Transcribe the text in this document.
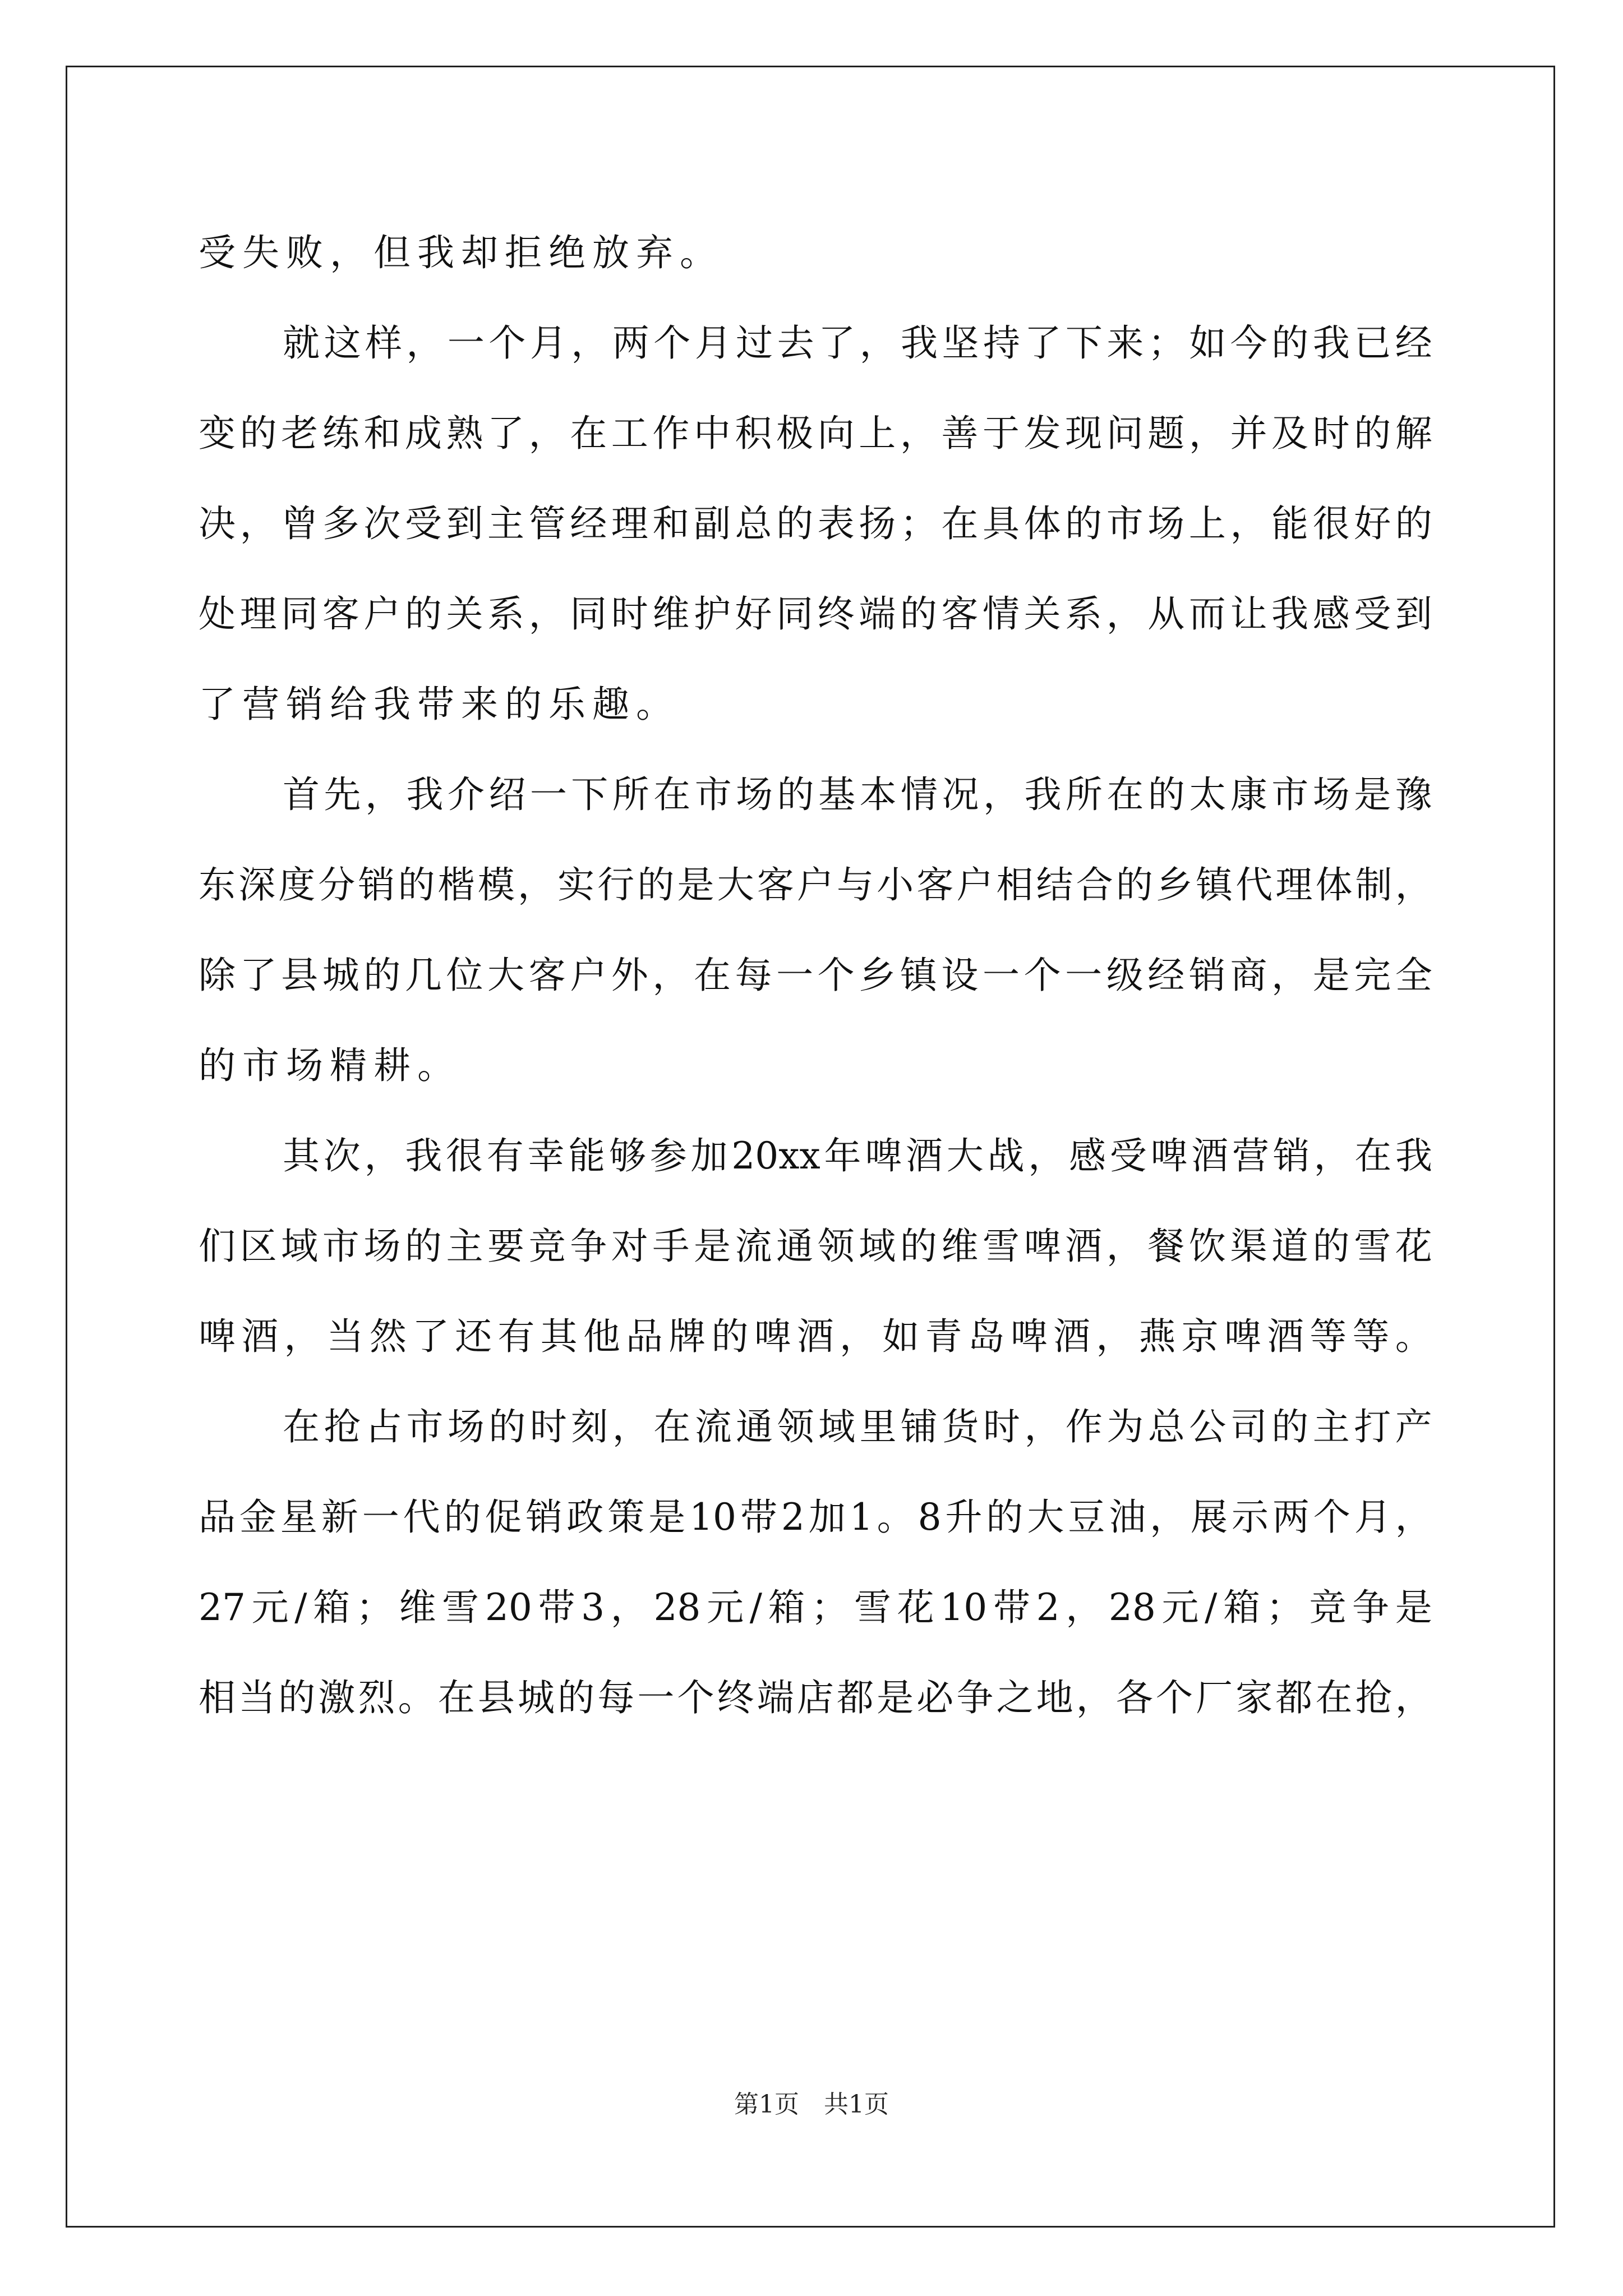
受失败，但我却拒绝放弃。
就 这 样 ， 一 个 月 ， 两 个 月 过 去 了 ， 我 坚 持 了 下 来 ； 如 今 的 我 已 经
变 的 老 练 和 成 熟 了 ， 在 工 作 中 积 极 向 上 ， 善 于 发 现 问 题 ， 并 及 时 的 解
决 ， 曾 多 次 受 到 主 管 经 理 和 副 总 的 表 扬 ； 在 具 体 的 市 场 上 ， 能 很 好 的
处 理 同 客 户 的 关 系 ， 同 时 维 护 好 同 终 端 的 客 情 关 系 ， 从 而 让 我 感 受 到
了营销给我带来的乐趣。
首 先 ， 我 介 绍 一 下 所 在 市 场 的 基 本 情 况 ， 我 所 在 的 太 康 市 场 是 豫
东 深 度 分 销 的 楷 模 ， 实 行 的 是 大 客 户 与 小 客 户 相 结 合 的 乡 镇 代 理 体 制 ，
除 了 县 城 的 几 位 大 客 户 外 ， 在 每 一 个 乡 镇 设 一 个 一 级 经 销 商 ， 是 完 全
的市场精耕。
其 次 ， 我 很 有 幸 能 够 参 加 20xx 年 啤 酒 大 战 ， 感 受 啤 酒 营 销 ， 在 我
们 区 域 市 场 的 主 要 竞 争 对 手 是 流 通 领 域 的 维 雪 啤 酒 ， 餐 饮 渠 道 的 雪 花
啤 酒 ， 当 然 了 还 有 其 他 品 牌 的 啤 酒 ， 如 青 岛 啤 酒 ， 燕 京 啤 酒 等 等 。
在 抢 占 市 场 的 时 刻 ， 在 流 通 领 域 里 铺 货 时 ， 作 为 总 公 司 的 主 打 产
品 金 星 新 一 代 的 促 销 政 策 是 10 带 2 加 1 。 8 升 的 大 豆 油 ， 展 示 两 个 月 ，
27 元 / 箱 ； 维 雪 20 带 3 ， 28 元 / 箱 ； 雪 花 10 带 2 ， 28 元 / 箱 ； 竞 争 是
相 当 的 激 烈 。 在 县 城 的 每 一 个 终 端 店 都 是 必 争 之 地 ， 各 个 厂 家 都 在 抢 ，
第1页　共1页
